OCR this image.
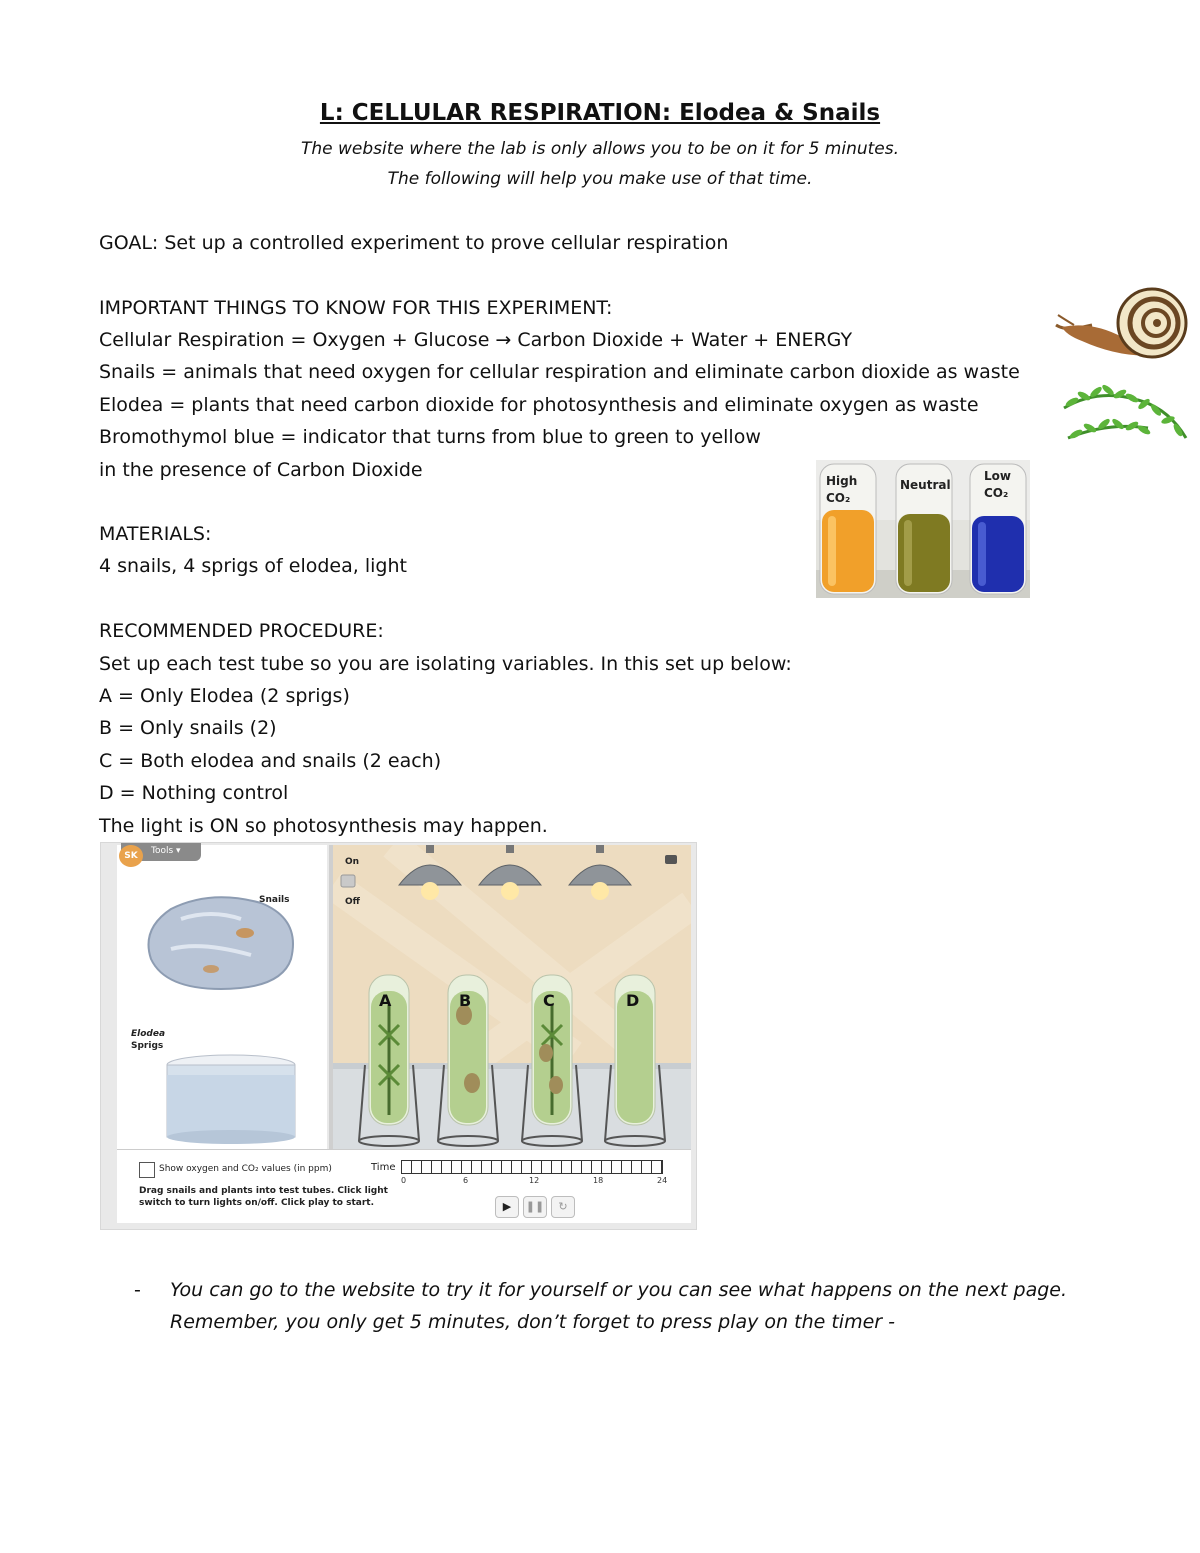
L: CELLULAR RESPIRATION: Elodea & Snails
The website where the lab is only allows you to be on it for 5 minutes.
The following will help you make use of that time.
GOAL: Set up a controlled experiment to prove cellular respiration
IMPORTANT THINGS TO KNOW FOR THIS EXPERIMENT:
Cellular Respiration = Oxygen + Glucose → Carbon Dioxide + Water + ENERGY
Snails = animals that need oxygen for cellular respiration and eliminate carbon dioxide as waste
Elodea = plants that need carbon dioxide for photosynthesis and eliminate oxygen as waste
Bromothymol blue = indicator that turns from blue to green to yellow
in the presence of Carbon Dioxide	High
CO₂
Neutral
Low
CO₂
MATERIALS:
4 snails, 4 sprigs of elodea, light
RECOMMENDED PROCEDURE:
Set up each test tube so you are isolating variables. In this set up below:
A = Only Elodea (2 sprigs)
B = Only snails (2)
C = Both elodea and snails (2 each)
D = Nothing control
The light is ON so photosynthesis may happen.
Snails
Elodea
Sprigs
Tools ▾
SK
On
Off
A	B	C	D
Show oxygen and CO₂ values (in ppm)
Drag snails and plants into test tubes. Click light
switch to turn lights on/off. Click play to start.
Time
0	6	12	18	24
▶	❚❚	↻
- You can go to the website to try it for yourself or you can see what happens on the next page.
Remember, you only get 5 minutes, don’t forget to press play on the timer -
